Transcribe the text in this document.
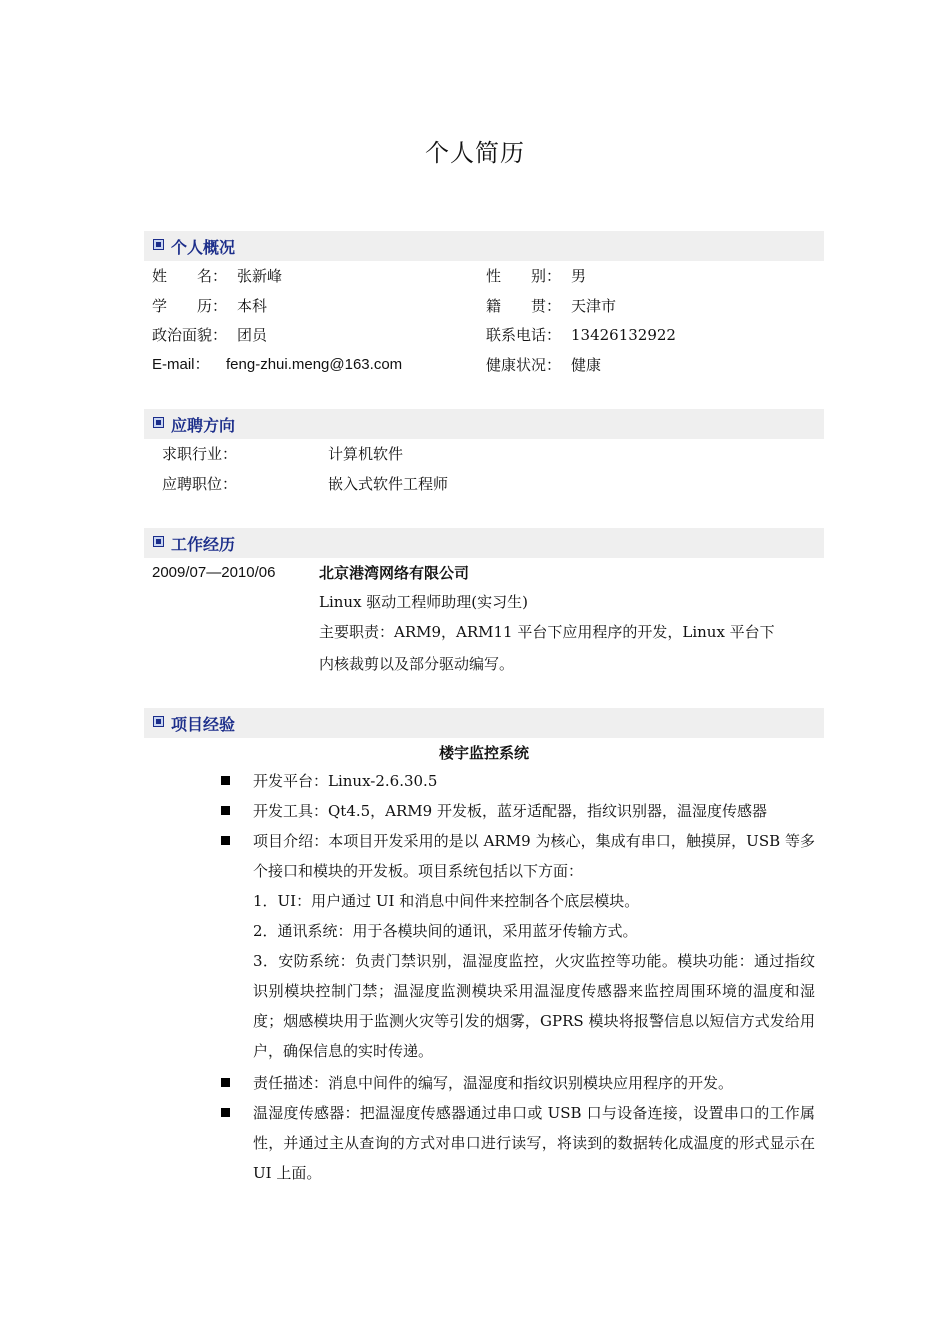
个人简历
个人概况
姓　　名： 张新峰	性　　别： 男
学　　历： 本科	籍　　贯： 天津市
政治面貌： 团员	联系电话： 13426132922
E-mail： feng-zhui.meng@163.com	健康状况： 健康
应聘方向
求职行业：	计算机软件
应聘职位：	嵌入式软件工程师
工作经历
2009/07—2010/06	北京港湾网络有限公司
Linux 驱动工程师助理(实习生)
主要职责：ARM9，ARM11 平台下应用程序的开发，Linux 平台下
内核裁剪以及部分驱动编写。
项目经验
楼宇监控系统
开发平台：Linux-2.6.30.5
开发工具：Qt4.5，ARM9 开发板，蓝牙适配器，指纹识别器，温湿度传感器
项目介绍：本项目开发采用的是以 ARM9 为核心，集成有串口，触摸屏，USB 等多个接口和模块的开发板。项目系统包括以下方面：
1．UI：用户通过 UI 和消息中间件来控制各个底层模块。
2．通讯系统：用于各模块间的通讯，采用蓝牙传输方式。
3．安防系统：负责门禁识别，温湿度监控，火灾监控等功能。模块功能：通过指纹识别模块控制门禁；温湿度监测模块采用温湿度传感器来监控周围环境的温度和湿度；烟感模块用于监测火灾等引发的烟雾，GPRS 模块将报警信息以短信方式发给用户，确保信息的实时传递。
责任描述：消息中间件的编写，温湿度和指纹识别模块应用程序的开发。
温湿度传感器：把温湿度传感器通过串口或 USB 口与设备连接，设置串口的工作属性，并通过主从查询的方式对串口进行读写，将读到的数据转化成温度的形式显示在 UI 上面。
